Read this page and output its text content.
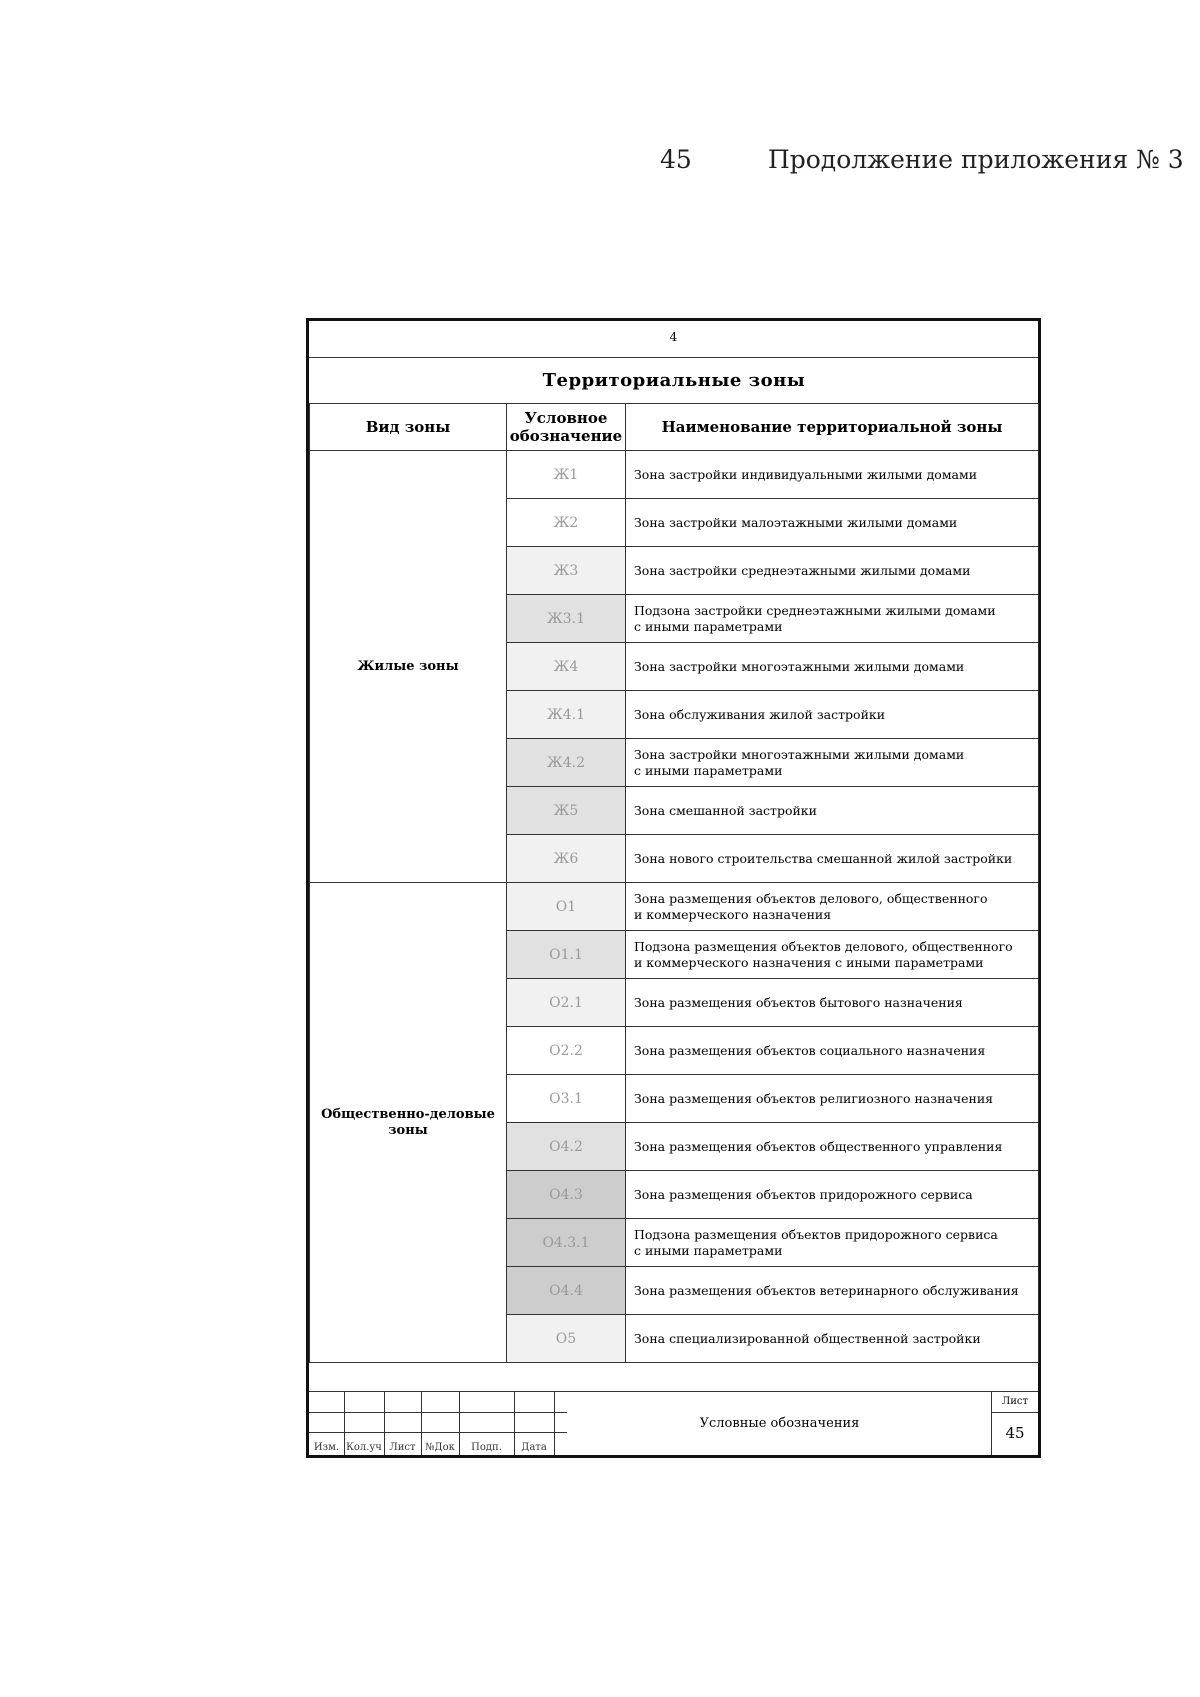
45	Продолжение приложения № 3
4
Территориальные зоны		
Вид зоны	Условное обозначение	Наименование территориальной зоны
Жилые зоны	Ж1	Зона застройки индивидуальными жилыми домами
	Ж2	Зона застройки малоэтажными жилыми домами
	Ж3	Зона застройки среднеэтажными жилыми домами
	Ж3.1	Подзона застройки среднеэтажными жилыми домами
с иными параметрами
	Ж4	Зона застройки многоэтажными жилыми домами
	Ж4.1	Зона обслуживания жилой застройки
	Ж4.2	Зона застройки многоэтажными жилыми домами
с иными параметрами
	Ж5	Зона смешанной застройки
	Ж6	Зона нового строительства смешанной жилой застройки
Общественно-деловые зоны	О1	Зона размещения объектов делового, общественного
и коммерческого назначения
	О1.1	Подзона размещения объектов делового, общественного
и коммерческого назначения с иными параметрами
	О2.1	Зона размещения объектов бытового назначения
	О2.2	Зона размещения объектов социального назначения
	О3.1	Зона размещения объектов религиозного назначения
	О4.2	Зона размещения объектов общественного управления
	О4.3	Зона размещения объектов придорожного сервиса
	О4.3.1	Подзона размещения объектов придорожного сервиса
с иными параметрами
	О4.4	Зона размещения объектов ветеринарного обслуживания
	О5	Зона специализированной общественной застройки
Изм. Кол.уч Лист №Док	Подп.	Дата
Условные обозначения
Лист
45
